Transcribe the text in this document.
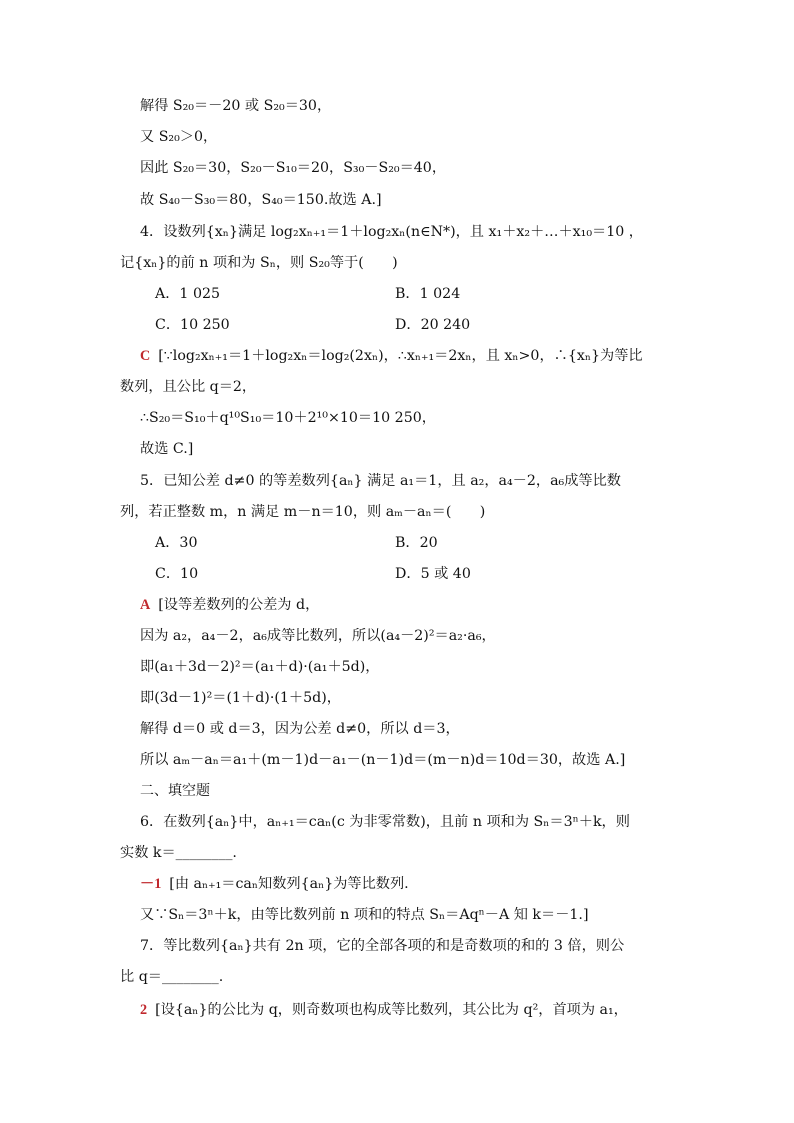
解得 S₂₀＝－20 或 S₂₀＝30，
又 S₂₀＞0，
因此 S₂₀＝30，S₂₀－S₁₀＝20，S₃₀－S₂₀＝40，
故 S₄₀－S₃₀＝80，S₄₀＝150.故选 A.]
4．设数列{xₙ}满足 log₂xₙ₊₁＝1＋log₂xₙ(n∈N*)，且 x₁＋x₂＋…＋x₁₀＝10 ，
记{xₙ}的前 n 项和为 Sₙ，则 S₂₀等于(　　)
A．1 025	B．1 024
C．10 250	D．20 240
C [∵log₂xₙ₊₁＝1＋log₂xₙ＝log₂(2xₙ)，∴xₙ₊₁＝2xₙ，且 xₙ>0，∴{xₙ}为等比
数列，且公比 q＝2，
∴S₂₀＝S₁₀＋q¹⁰S₁₀＝10＋2¹⁰×10＝10 250，
故选 C.]
5．已知公差 d≠0 的等差数列{aₙ} 满足 a₁＝1，且 a₂，a₄－2，a₆成等比数
列，若正整数 m，n 满足 m－n＝10，则 aₘ－aₙ＝(　　)
A．30	B．20
C．10	D．5 或 40
A [设等差数列的公差为 d，
因为 a₂，a₄－2，a₆成等比数列，所以(a₄－2)²＝a₂·a₆，
即(a₁＋3d－2)²＝(a₁＋d)·(a₁＋5d)，
即(3d－1)²＝(1＋d)·(1＋5d)，
解得 d＝0 或 d＝3，因为公差 d≠0，所以 d＝3，
所以 aₘ－aₙ＝a₁＋(m－1)d－a₁－(n－1)d＝(m－n)d＝10d＝30，故选 A.]
二、填空题
6．在数列{aₙ}中，aₙ₊₁＝caₙ(c 为非零常数)，且前 n 项和为 Sₙ＝3ⁿ＋k，则
实数 k＝________.
－1 [由 aₙ₊₁＝caₙ知数列{aₙ}为等比数列.
又∵Sₙ＝3ⁿ＋k，由等比数列前 n 项和的特点 Sₙ＝Aqⁿ－A 知 k＝－1.]
7．等比数列{aₙ}共有 2n 项，它的全部各项的和是奇数项的和的 3 倍，则公
比 q＝________.
2 [设{aₙ}的公比为 q，则奇数项也构成等比数列，其公比为 q²，首项为 a₁，
